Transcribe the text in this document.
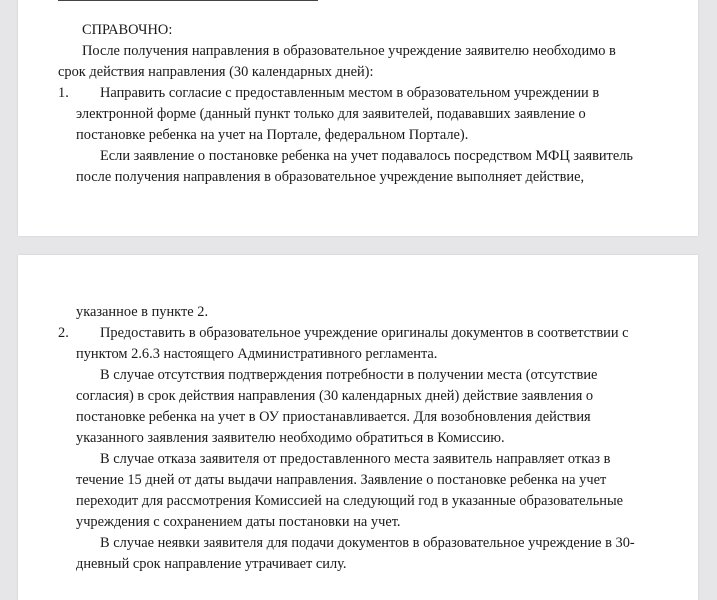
СПРАВОЧНО:
После получения направления в образовательное учреждение заявителю необходимо в
срок действия направления (30 календарных дней):
1. Направить согласие с предоставленным местом в образовательном учреждении в
электронной форме (данный пункт только для заявителей, подававших заявление о
постановке ребенка на учет на Портале, федеральном Портале).
Если заявление о постановке ребенка на учет подавалось посредством МФЦ заявитель
после получения направления в образовательное учреждение выполняет действие,
указанное в пункте 2.
2. Предоставить в образовательное учреждение оригиналы документов в соответствии с
пунктом 2.6.3 настоящего Административного регламента.
В случае отсутствия подтверждения потребности в получении места (отсутствие
согласия) в срок действия направления (30 календарных дней) действие заявления о
постановке ребенка на учет в ОУ приостанавливается. Для возобновления действия
указанного заявления заявителю необходимо обратиться в Комиссию.
В случае отказа заявителя от предоставленного места заявитель направляет отказ в
течение 15 дней от даты выдачи направления. Заявление о постановке ребенка на учет
переходит для рассмотрения Комиссией на следующий год в указанные образовательные
учреждения с сохранением даты постановки на учет.
В случае неявки заявителя для подачи документов в образовательное учреждение в 30-
дневный срок направление утрачивает силу.
